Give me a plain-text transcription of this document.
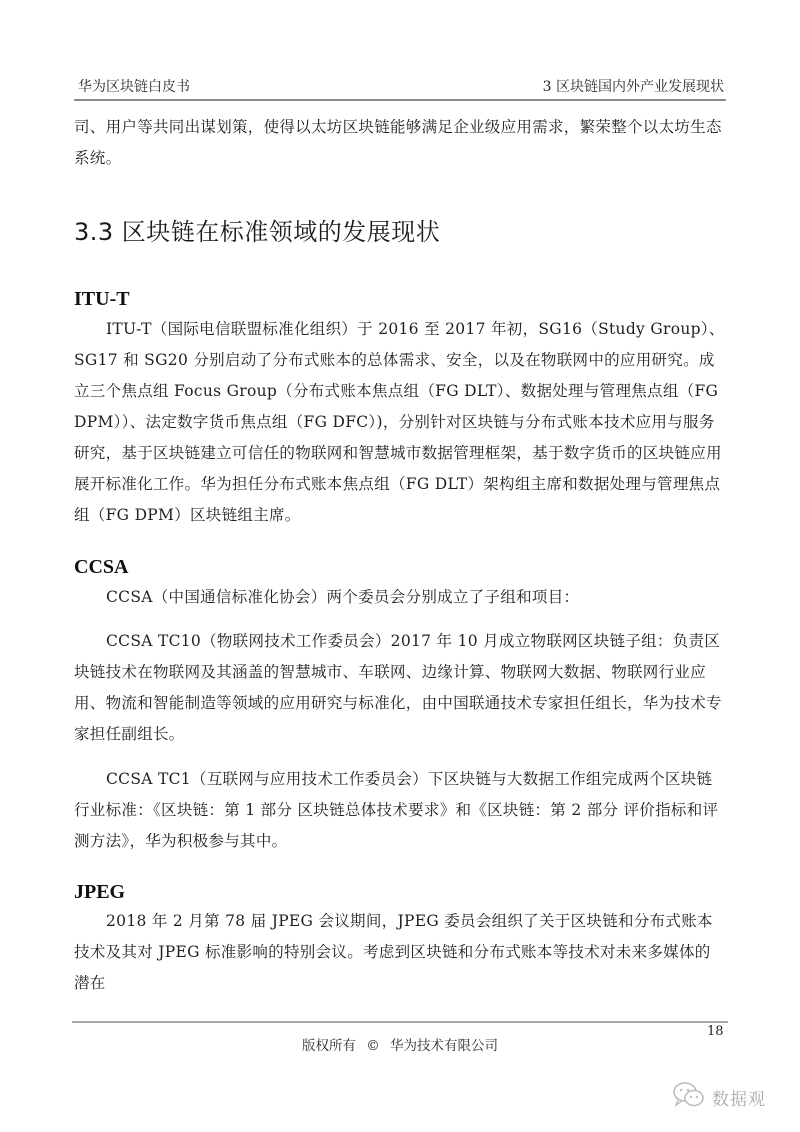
华为区块链白皮书	3 区块链国内外产业发展现状

司、用户等共同出谋划策，使得以太坊区块链能够满足企业级应用需求，繁荣整个以太坊生态系统。

3.3 区块链在标准领域的发展现状
ITU-T

ITU-T（国际电信联盟标准化组织）于 2016 至 2017 年初，SG16（Study Group）、SG17 和 SG20 分别启动了分布式账本的总体需求、安全，以及在物联网中的应用研究。成立三个焦点组 Focus Group（分布式账本焦点组（FG DLT）、数据处理与管理焦点组（FG DPM））、法定数字货币焦点组（FG DFC）)，分别针对区块链与分布式账本技术应用与服务研究，基于区块链建立可信任的物联网和智慧城市数据管理框架，基于数字货币的区块链应用展开标准化工作。华为担任分布式账本焦点组（FG DLT）架构组主席和数据处理与管理焦点组（FG DPM）区块链组主席。

CCSA

CCSA（中国通信标准化协会）两个委员会分别成立了子组和项目：

CCSA TC10（物联网技术工作委员会）2017 年 10 月成立物联网区块链子组：负责区块链技术在物联网及其涵盖的智慧城市、车联网、边缘计算、物联网大数据、物联网行业应用、物流和智能制造等领域的应用研究与标准化，由中国联通技术专家担任组长，华为技术专家担任副组长。

CCSA TC1（互联网与应用技术工作委员会）下区块链与大数据工作组完成两个区块链行业标准：《区块链：第 1 部分 区块链总体技术要求》和《区块链：第 2 部分 评价指标和评测方法》，华为积极参与其中。

JPEG

2018 年 2 月第 78 届 JPEG 会议期间，JPEG 委员会组织了关于区块链和分布式账本技术及其对 JPEG 标准影响的特别会议。考虑到区块链和分布式账本等技术对未来多媒体的潜在

18
版权所有 © 华为技术有限公司
数据观
